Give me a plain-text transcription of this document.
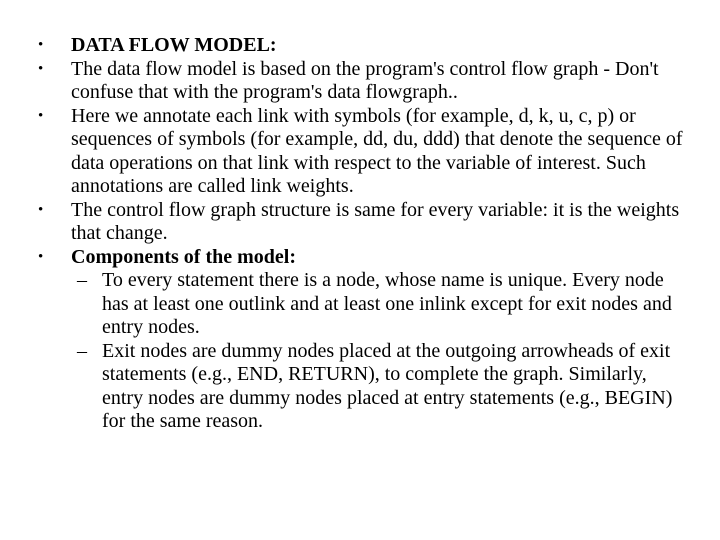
• DATA FLOW MODEL:
• The data flow model is based on the program's control flow graph - Don't confuse that with the program's data flowgraph..
• Here we annotate each link with symbols (for example, d, k, u, c, p) or sequences of symbols (for example, dd, du, ddd) that denote the sequence of data operations on that link with respect to the variable of interest. Such annotations are called link weights.
• The control flow graph structure is same for every variable: it is the weights that change.
• Components of the model:
– To every statement there is a node, whose name is unique. Every node has at least one outlink and at least one inlink except for exit nodes and entry nodes.
– Exit nodes are dummy nodes placed at the outgoing arrowheads of exit statements (e.g., END, RETURN), to complete the graph. Similarly, entry nodes are dummy nodes placed at entry statements (e.g., BEGIN) for the same reason.
